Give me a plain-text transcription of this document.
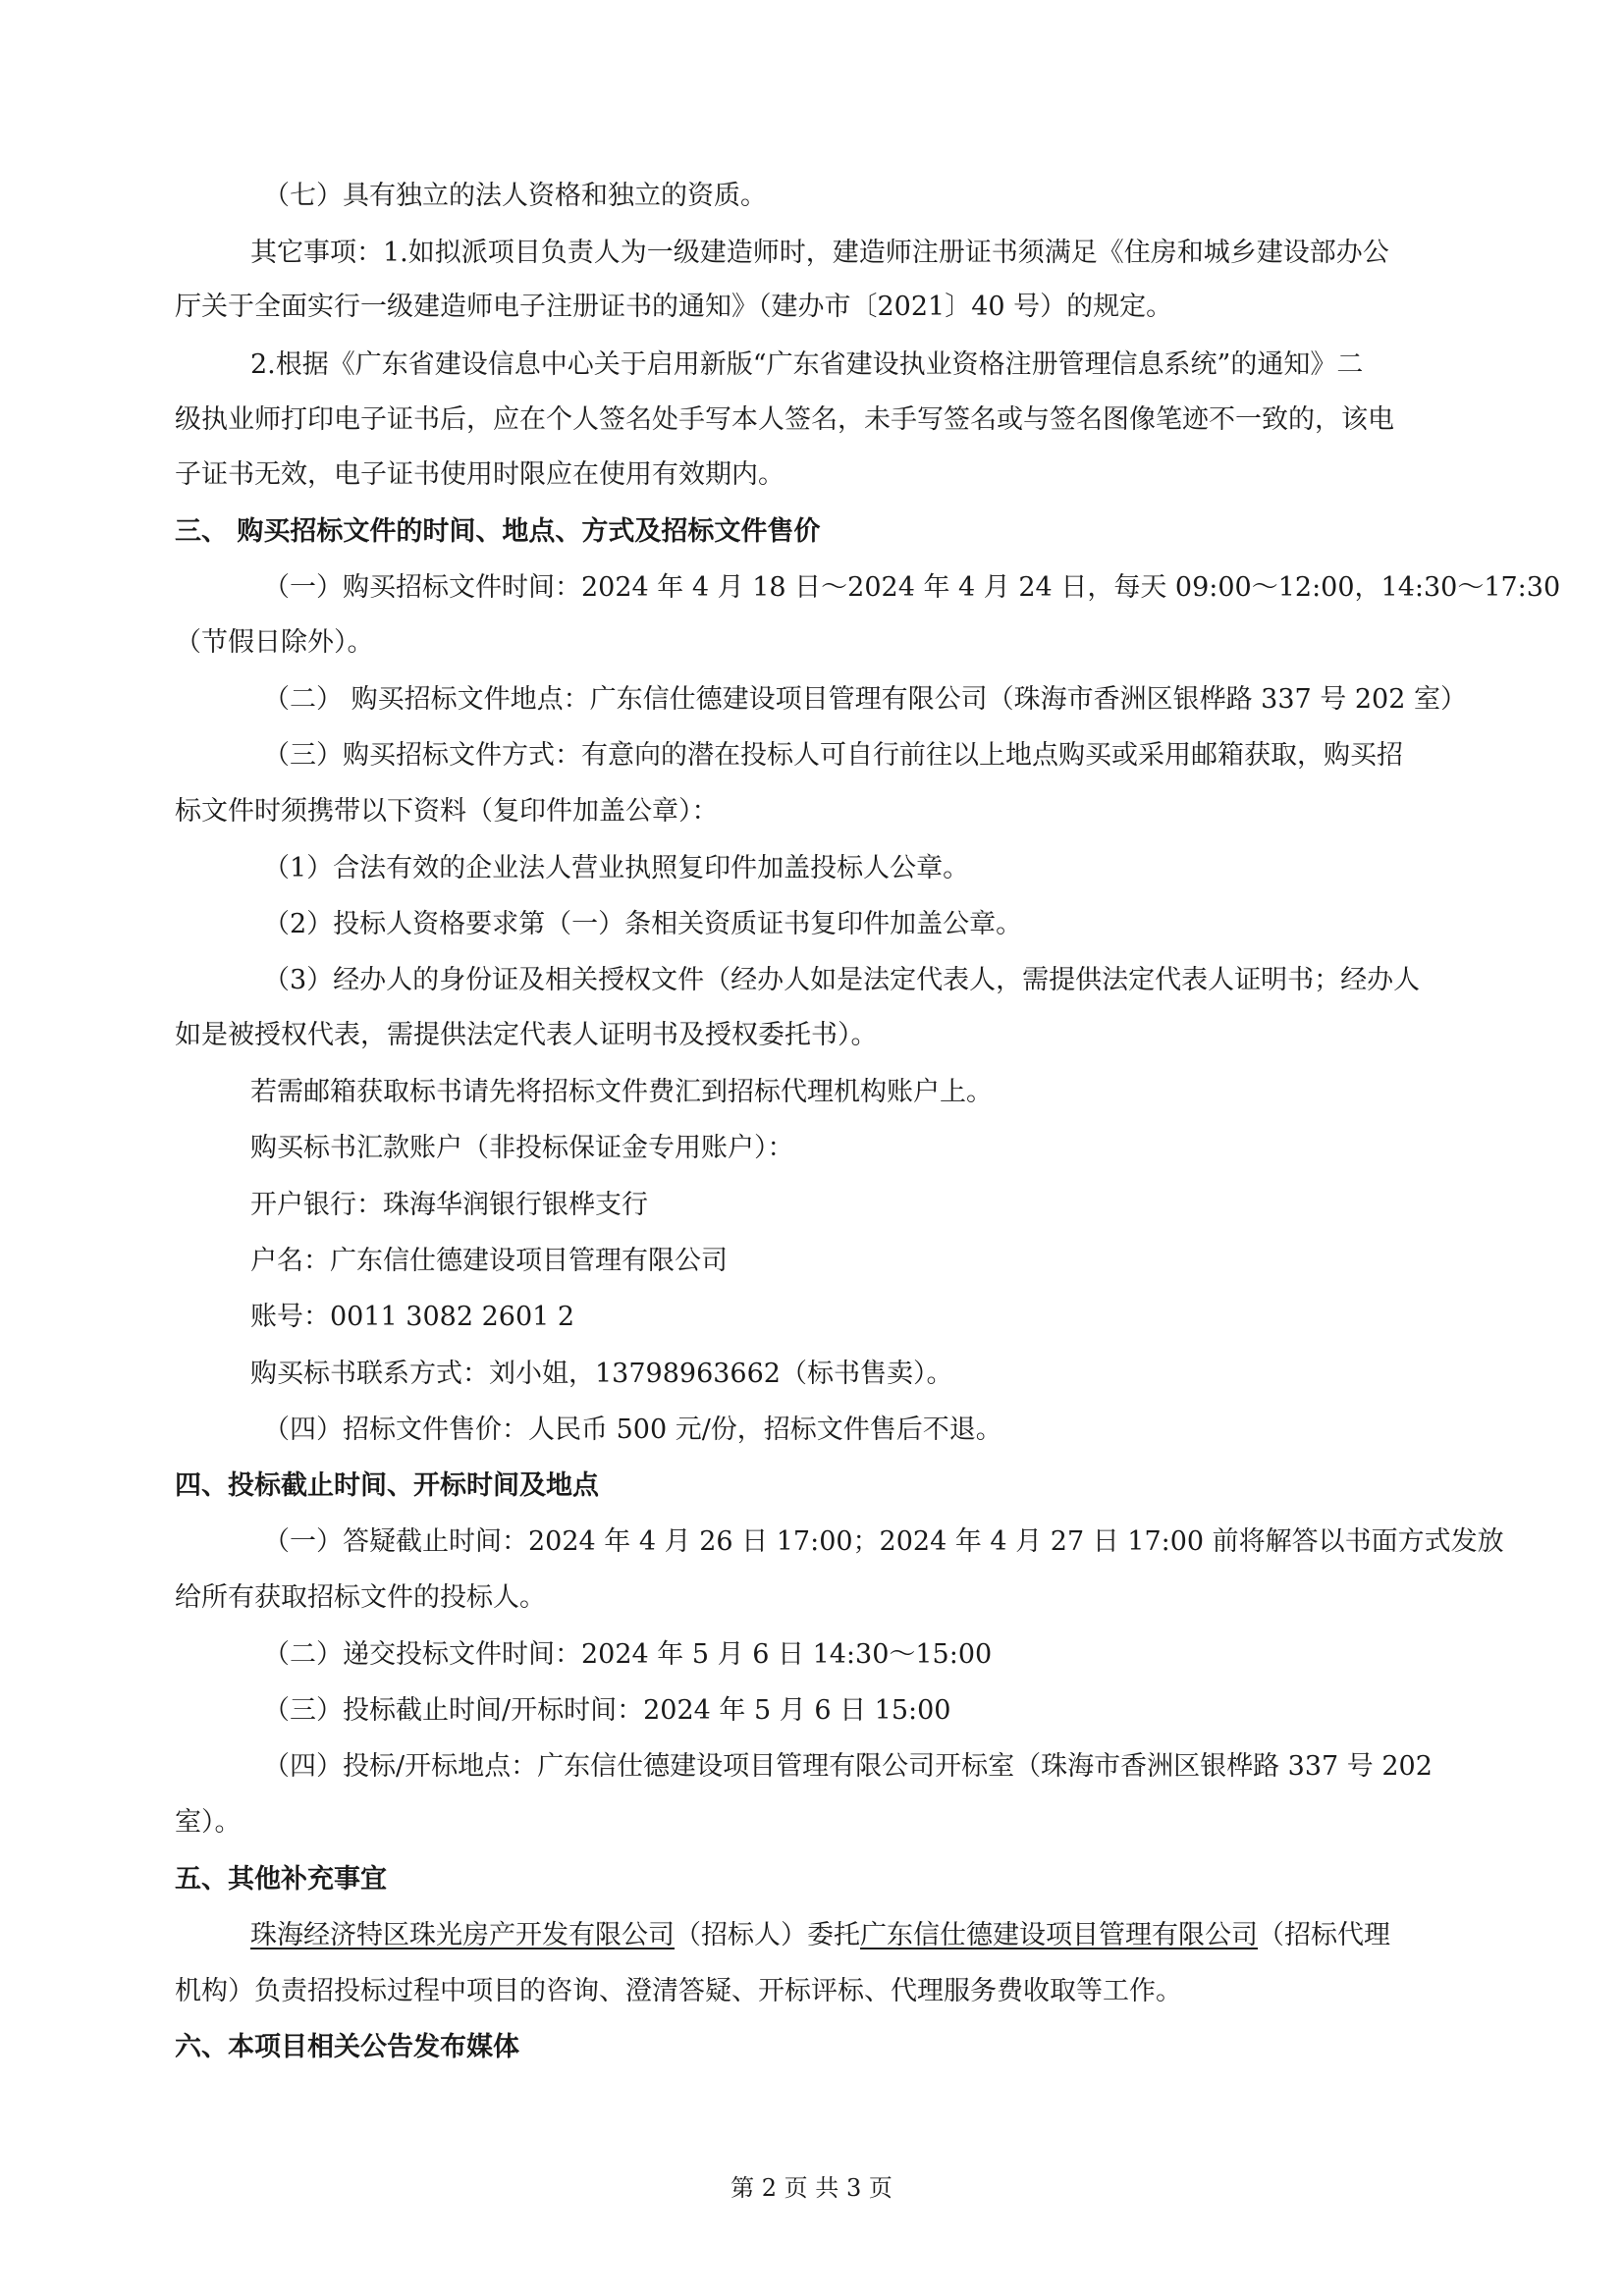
（七）具有独立的法人资格和独立的资质。
其它事项：1.如拟派项目负责人为一级建造师时，建造师注册证书须满足《住房和城乡建设部办公
厅关于全面实行一级建造师电子注册证书的通知》（建办市〔2021〕40 号）的规定。
2.根据《广东省建设信息中心关于启用新版“广东省建设执业资格注册管理信息系统”的通知》二
级执业师打印电子证书后，应在个人签名处手写本人签名，未手写签名或与签名图像笔迹不一致的，该电
子证书无效，电子证书使用时限应在使用有效期内。
三、 购买招标文件的时间、地点、方式及招标文件售价
（一）购买招标文件时间：2024 年 4 月 18 日～2024 年 4 月 24 日，每天 09:00～12:00，14:30～17:30
（节假日除外）。
（二） 购买招标文件地点：广东信仕德建设项目管理有限公司（珠海市香洲区银桦路 337 号 202 室）
（三）购买招标文件方式：有意向的潜在投标人可自行前往以上地点购买或采用邮箱获取，购买招
标文件时须携带以下资料（复印件加盖公章）：
（1）合法有效的企业法人营业执照复印件加盖投标人公章。
（2）投标人资格要求第（一）条相关资质证书复印件加盖公章。
（3）经办人的身份证及相关授权文件（经办人如是法定代表人，需提供法定代表人证明书；经办人
如是被授权代表，需提供法定代表人证明书及授权委托书）。
若需邮箱获取标书请先将招标文件费汇到招标代理机构账户上。
购买标书汇款账户（非投标保证金专用账户）：
开户银行：珠海华润银行银桦支行
户名：广东信仕德建设项目管理有限公司
账号：0011 3082 2601 2
购买标书联系方式：刘小姐，13798963662（标书售卖）。
（四）招标文件售价：人民币 500 元/份，招标文件售后不退。
四、投标截止时间、开标时间及地点
（一）答疑截止时间：2024 年 4 月 26 日 17:00；2024 年 4 月 27 日 17:00 前将解答以书面方式发放
给所有获取招标文件的投标人。
（二）递交投标文件时间：2024 年 5 月 6 日 14:30～15:00
（三）投标截止时间/开标时间：2024 年 5 月 6 日 15:00
（四）投标/开标地点：广东信仕德建设项目管理有限公司开标室（珠海市香洲区银桦路 337 号 202
室）。
五、其他补充事宜
珠海经济特区珠光房产开发有限公司（招标人）委托广东信仕德建设项目管理有限公司（招标代理
机构）负责招投标过程中项目的咨询、澄清答疑、开标评标、代理服务费收取等工作。
六、本项目相关公告发布媒体
第 2 页 共 3 页
